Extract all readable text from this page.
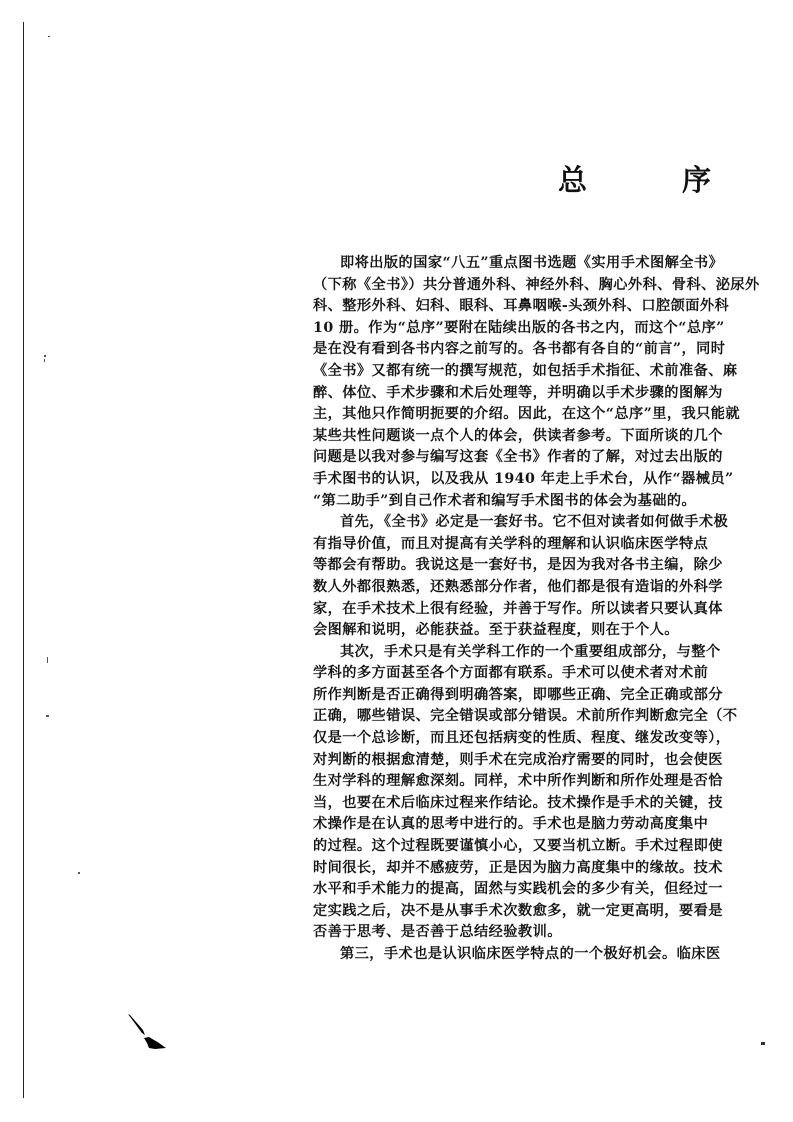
总	序
即将出版的国家“八五”重点图书选题《实用手术图解全书》
（下称《全书》）共分普通外科、神经外科、胸心外科、骨科、泌尿外
科、整形外科、妇科、眼科、耳鼻咽喉-头颈外科、口腔颌面外科
10 册。作为“总序”要附在陆续出版的各书之内，而这个“总序”
是在没有看到各书内容之前写的。各书都有各自的“前言”，同时
《全书》又都有统一的撰写规范，如包括手术指征、术前准备、麻
醉、体位、手术步骤和术后处理等，并明确以手术步骤的图解为
主，其他只作简明扼要的介绍。因此，在这个“总序”里，我只能就
某些共性问题谈一点个人的体会，供读者参考。下面所谈的几个
问题是以我对参与编写这套《全书》作者的了解，对过去出版的
手术图书的认识，以及我从 1940 年走上手术台，从作“器械员”
“第二助手”到自己作术者和编写手术图书的体会为基础的。
首先，《全书》必定是一套好书。它不但对读者如何做手术极
有指导价值，而且对提高有关学科的理解和认识临床医学特点
等都会有帮助。我说这是一套好书，是因为我对各书主编，除少
数人外都很熟悉，还熟悉部分作者，他们都是很有造诣的外科学
家，在手术技术上很有经验，并善于写作。所以读者只要认真体
会图解和说明，必能获益。至于获益程度，则在于个人。
其次，手术只是有关学科工作的一个重要组成部分，与整个
学科的多方面甚至各个方面都有联系。手术可以使术者对术前
所作判断是否正确得到明确答案，即哪些正确、完全正确或部分
正确，哪些错误、完全错误或部分错误。术前所作判断愈完全（不
仅是一个总诊断，而且还包括病变的性质、程度、继发改变等），
对判断的根据愈清楚，则手术在完成治疗需要的同时，也会使医
生对学科的理解愈深刻。同样，术中所作判断和所作处理是否恰
当，也要在术后临床过程来作结论。技术操作是手术的关键，技
术操作是在认真的思考中进行的。手术也是脑力劳动高度集中
的过程。这个过程既要谨慎小心，又要当机立断。手术过程即使
时间很长，却并不感疲劳，正是因为脑力高度集中的缘故。技术
水平和手术能力的提高，固然与实践机会的多少有关，但经过一
定实践之后，决不是从事手术次数愈多，就一定更高明，要看是
否善于思考、是否善于总结经验教训。
第三，手术也是认识临床医学特点的一个极好机会。临床医
